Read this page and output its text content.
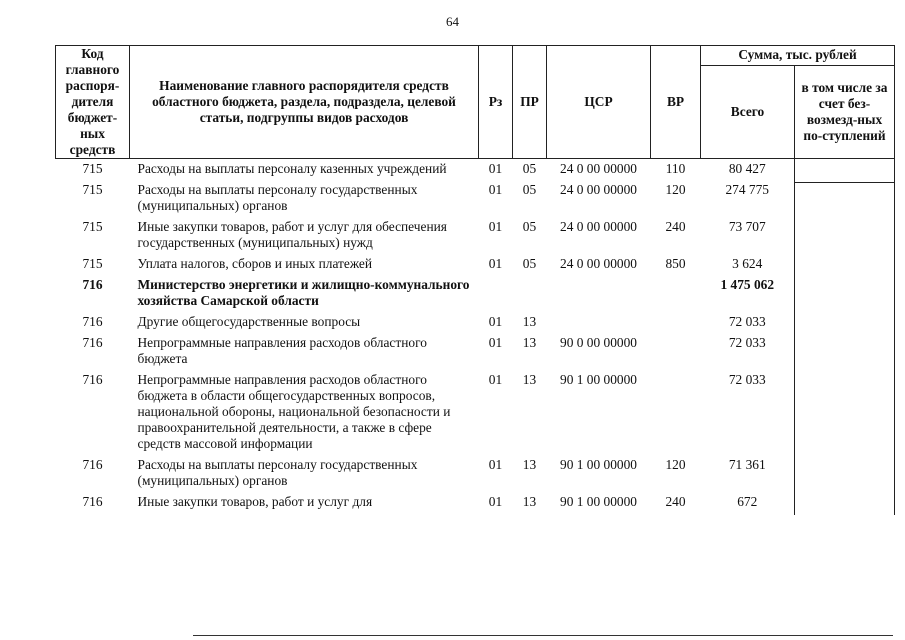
64
Код главного распоря-дителя бюджет-ных средств	Наименование главного распорядителя средств областного бюджета, раздела, подраздела, целевой статьи, подгруппы видов расходов	Рз	ПР	ЦСР	ВР	Сумма, тыс. рублей	
						Всего	в том числе за счет без-возмезд-ных по-ступлений
715	Расходы на выплаты персоналу казенных учреждений	01	05	24 0 00 00000	110	80 427	
715	Расходы на выплаты персоналу государственных (муниципальных) органов	01	05	24 0 00 00000	120	274 775	
715	Иные закупки товаров, работ и услуг для обеспечения государственных (муниципальных) нужд	01	05	24 0 00 00000	240	73 707	
715	Уплата налогов, сборов и иных платежей	01	05	24 0 00 00000	850	3 624	
716	Министерство энергетики и жилищно-коммунального хозяйства Самарской области					1 475 062	
716	Другие общегосударственные вопросы	01	13			72 033	
716	Непрограммные направления расходов областного бюджета	01	13	90 0 00 00000		72 033	
716	Непрограммные направления расходов областного бюджета в области общегосударственных вопросов, национальной обороны, национальной безопасности и правоохранительной деятельности, а также в сфере средств массовой информации	01	13	90 1 00 00000		72 033	
716	Расходы на выплаты персоналу государственных (муниципальных) органов	01	13	90 1 00 00000	120	71 361	
716	Иные закупки товаров, работ и услуг для	01	13	90 1 00 00000	240	672	
